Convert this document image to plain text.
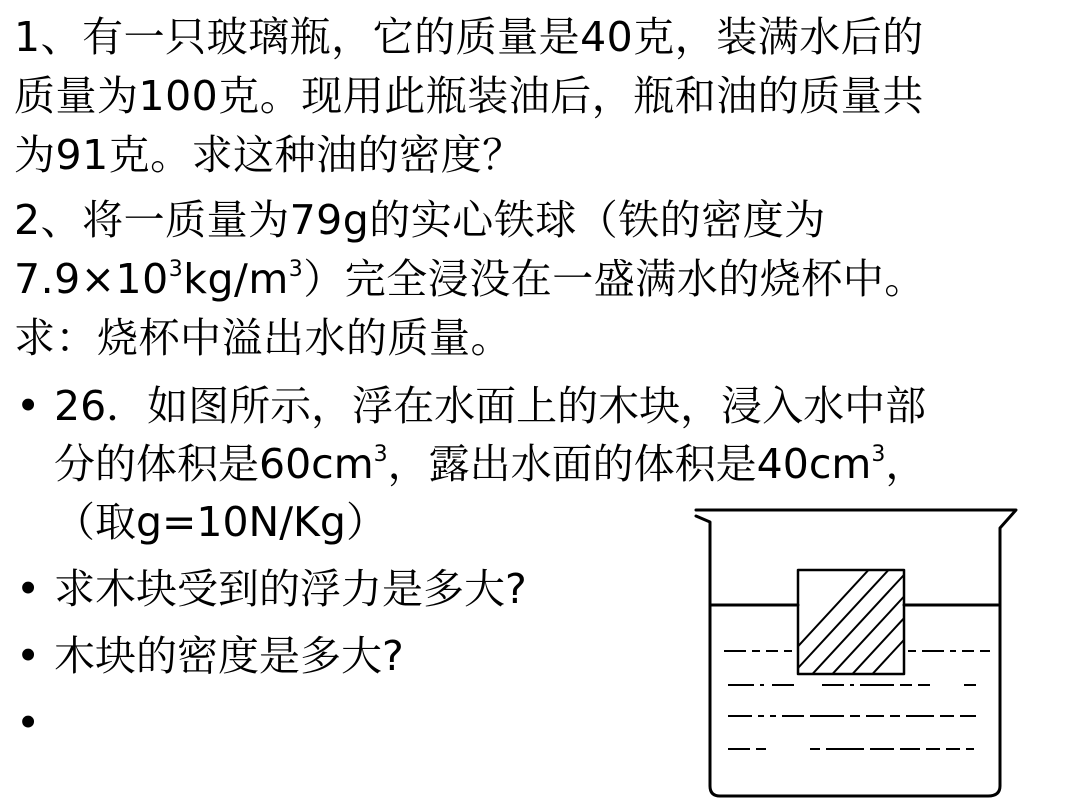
1、有一只玻璃瓶，它的质量是40克，装满水后的
质量为100克。现用此瓶装油后，瓶和油的质量共
为91克。求这种油的密度？
2、将一质量为79g的实心铁球（铁的密度为
$7.9\times 10^3kg/m^3$）完全浸没在一盛满水的烧杯中。
求：烧杯中溢出水的质量。
• 26．如图所示，浮在水面上的木块，浸入水中部
分的体积是$60cm^3$，露出水面的体积是$40cm^3$，
（取g=10N/Kg）
• 求木块受到的浮力是多大?
• 木块的密度是多大?
•
